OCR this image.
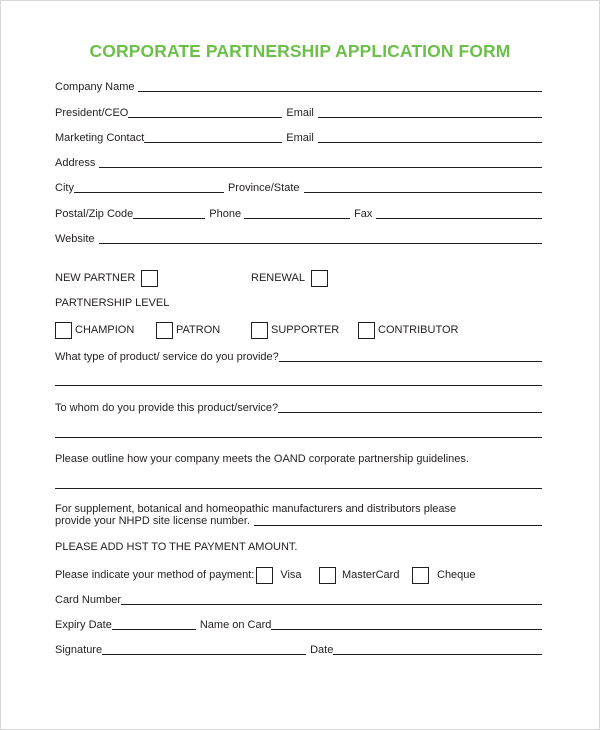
CORPORATE PARTNERSHIP APPLICATION FORM
Company Name
President/CEO	Email
Marketing Contact	Email
Address
City	Province/State
Postal/Zip Code	Phone	Fax
Website
NEW PARTNER	RENEWAL
PARTNERSHIP LEVEL
CHAMPION	PATRON	SUPPORTER	CONTRIBUTOR
What type of product/ service do you provide?
To whom do you provide this product/service?
Please outline how your company meets the OAND corporate partnership guidelines.
For supplement, botanical and homeopathic manufacturers and distributors please
provide your NHPD site license number.
PLEASE ADD HST TO THE PAYMENT AMOUNT.
Please indicate your method of payment: Visa	MasterCard	Cheque
Card Number
Expiry Date	Name on Card
Signature	Date
